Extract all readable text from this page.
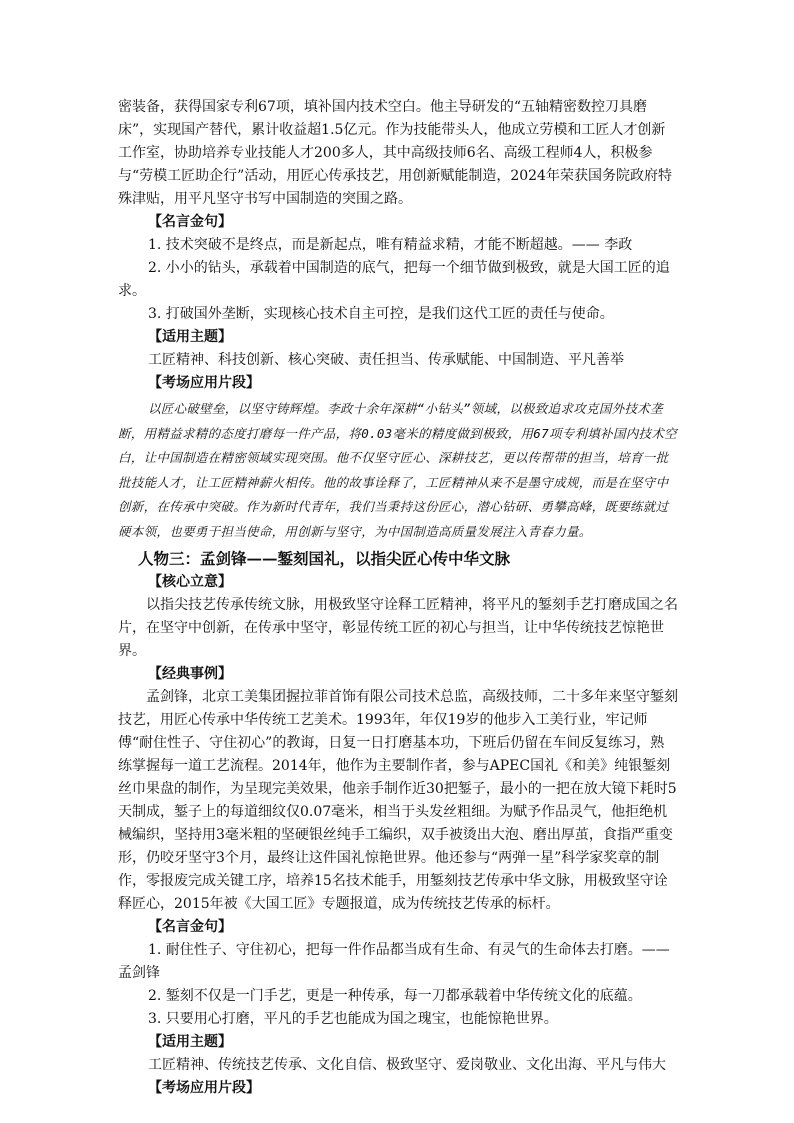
密装备，获得国家专利67项，填补国内技术空白。他主导研发的“五轴精密数控刀具磨床”，实现国产替代，累计收益超1.5亿元。作为技能带头人，他成立劳模和工匠人才创新工作室，协助培养专业技能人才200多人，其中高级技师6名、高级工程师4人，积极参与“劳模工匠助企行”活动，用匠心传承技艺，用创新赋能制造，2024年荣获国务院政府特殊津贴，用平凡坚守书写中国制造的突围之路。

【名言金句】

1. 技术突破不是终点，而是新起点，唯有精益求精，才能不断超越。—— 李政

2. 小小的钻头，承载着中国制造的底气，把每一个细节做到极致，就是大国工匠的追求。

3. 打破国外垄断，实现核心技术自主可控，是我们这代工匠的责任与使命。

【适用主题】

工匠精神、科技创新、核心突破、责任担当、传承赋能、中国制造、平凡善举

【考场应用片段】

以匠心破壁垒，以坚守铸辉煌。李政十余年深耕“小钻头”领域，以极致追求攻克国外技术垄断，用精益求精的态度打磨每一件产品，将0.03毫米的精度做到极致，用67项专利填补国内技术空白，让中国制造在精密领域实现突围。他不仅坚守匠心、深耕技艺，更以传帮带的担当，培育一批批技能人才，让工匠精神薪火相传。他的故事诠释了，工匠精神从来不是墨守成规，而是在坚守中创新，在传承中突破。作为新时代青年，我们当秉持这份匠心，潜心钻研、勇攀高峰，既要练就过硬本领，也要勇于担当使命，用创新与坚守，为中国制造高质量发展注入青春力量。

人物三：孟剑锋——錾刻国礼，以指尖匠心传中华文脉

【核心立意】

以指尖技艺传承传统文脉，用极致坚守诠释工匠精神，将平凡的錾刻手艺打磨成国之名片，在坚守中创新，在传承中坚守，彰显传统工匠的初心与担当，让中华传统技艺惊艳世界。

【经典事例】

孟剑锋，北京工美集团握拉菲首饰有限公司技术总监，高级技师，二十多年来坚守錾刻技艺，用匠心传承中华传统工艺美术。1993年，年仅19岁的他步入工美行业，牢记师傅“耐住性子、守住初心”的教诲，日复一日打磨基本功，下班后仍留在车间反复练习，熟练掌握每一道工艺流程。2014年，他作为主要制作者，参与APEC国礼《和美》纯银錾刻丝巾果盘的制作，为呈现完美效果，他亲手制作近30把錾子，最小的一把在放大镜下耗时5天制成，錾子上的每道细纹仅0.07毫米，相当于头发丝粗细。为赋予作品灵气，他拒绝机械编织，坚持用3毫米粗的坚硬银丝纯手工编织，双手被烫出大泡、磨出厚茧，食指严重变形，仍咬牙坚守3个月，最终让这件国礼惊艳世界。他还参与“两弹一星”科学家奖章的制作，零报废完成关键工序，培养15名技术能手，用錾刻技艺传承中华文脉，用极致坚守诠释匠心，2015年被《大国工匠》专题报道，成为传统技艺传承的标杆。

【名言金句】

1. 耐住性子、守住初心，把每一件作品都当成有生命、有灵气的生命体去打磨。——孟剑锋

2. 錾刻不仅是一门手艺，更是一种传承，每一刀都承载着中华传统文化的底蕴。

3. 只要用心打磨，平凡的手艺也能成为国之瑰宝，也能惊艳世界。

【适用主题】

工匠精神、传统技艺传承、文化自信、极致坚守、爱岗敬业、文化出海、平凡与伟大

【考场应用片段】
